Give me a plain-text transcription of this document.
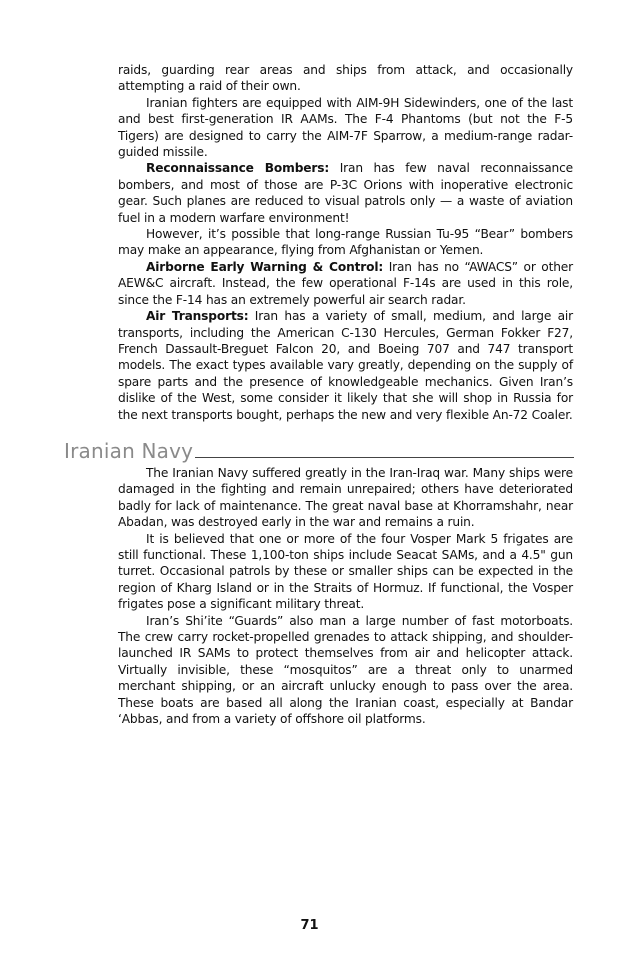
raids, guarding rear areas and ships from attack, and occasionally attempting a raid of their own.

Iranian fighters are equipped with AIM-9H Sidewinders, one of the last and best first-generation IR AAMs. The F-4 Phantoms (but not the F-5 Tigers) are designed to carry the AIM-7F Sparrow, a medium-range radar-guided missile.

Reconnaissance Bombers: Iran has few naval reconnaissance bombers, and most of those are P-3C Orions with inoperative electronic gear. Such planes are reduced to visual patrols only — a waste of aviation fuel in a modern warfare environment!

However, it’s possible that long-range Russian Tu-95 “Bear” bombers may make an appearance, flying from Afghanistan or Yemen.

Airborne Early Warning & Control: Iran has no “AWACS” or other AEW&C aircraft. Instead, the few operational F-14s are used in this role, since the F-14 has an extremely powerful air search radar.

Air Transports: Iran has a variety of small, medium, and large air transports, including the American C-130 Hercules, German Fokker F27, French Dassault-Breguet Falcon 20, and Boeing 707 and 747 transport models. The exact types available vary greatly, depending on the supply of spare parts and the presence of knowledgeable mechanics. Given Iran’s dislike of the West, some consider it likely that she will shop in Russia for the next transports bought, perhaps the new and very flexible An-72 Coaler.

Iranian Navy

The Iranian Navy suffered greatly in the Iran-Iraq war. Many ships were damaged in the fighting and remain unrepaired; others have deteriorated badly for lack of maintenance. The great naval base at Khorramshahr, near Abadan, was destroyed early in the war and remains a ruin.

It is believed that one or more of the four Vosper Mark 5 frigates are still functional. These 1,100-ton ships include Seacat SAMs, and a 4.5" gun turret. Occasional patrols by these or smaller ships can be expected in the region of Kharg Island or in the Straits of Hormuz. If functional, the Vosper frigates pose a significant military threat.

Iran’s Shi’ite “Guards” also man a large number of fast motorboats. The crew carry rocket-propelled grenades to attack shipping, and shoulder-launched IR SAMs to protect themselves from air and helicopter attack. Virtually invisible, these “mosquitos” are a threat only to unarmed merchant shipping, or an aircraft unlucky enough to pass over the area. These boats are based all along the Iranian coast, especially at Bandar ‘Abbas, and from a variety of offshore oil platforms.

71
